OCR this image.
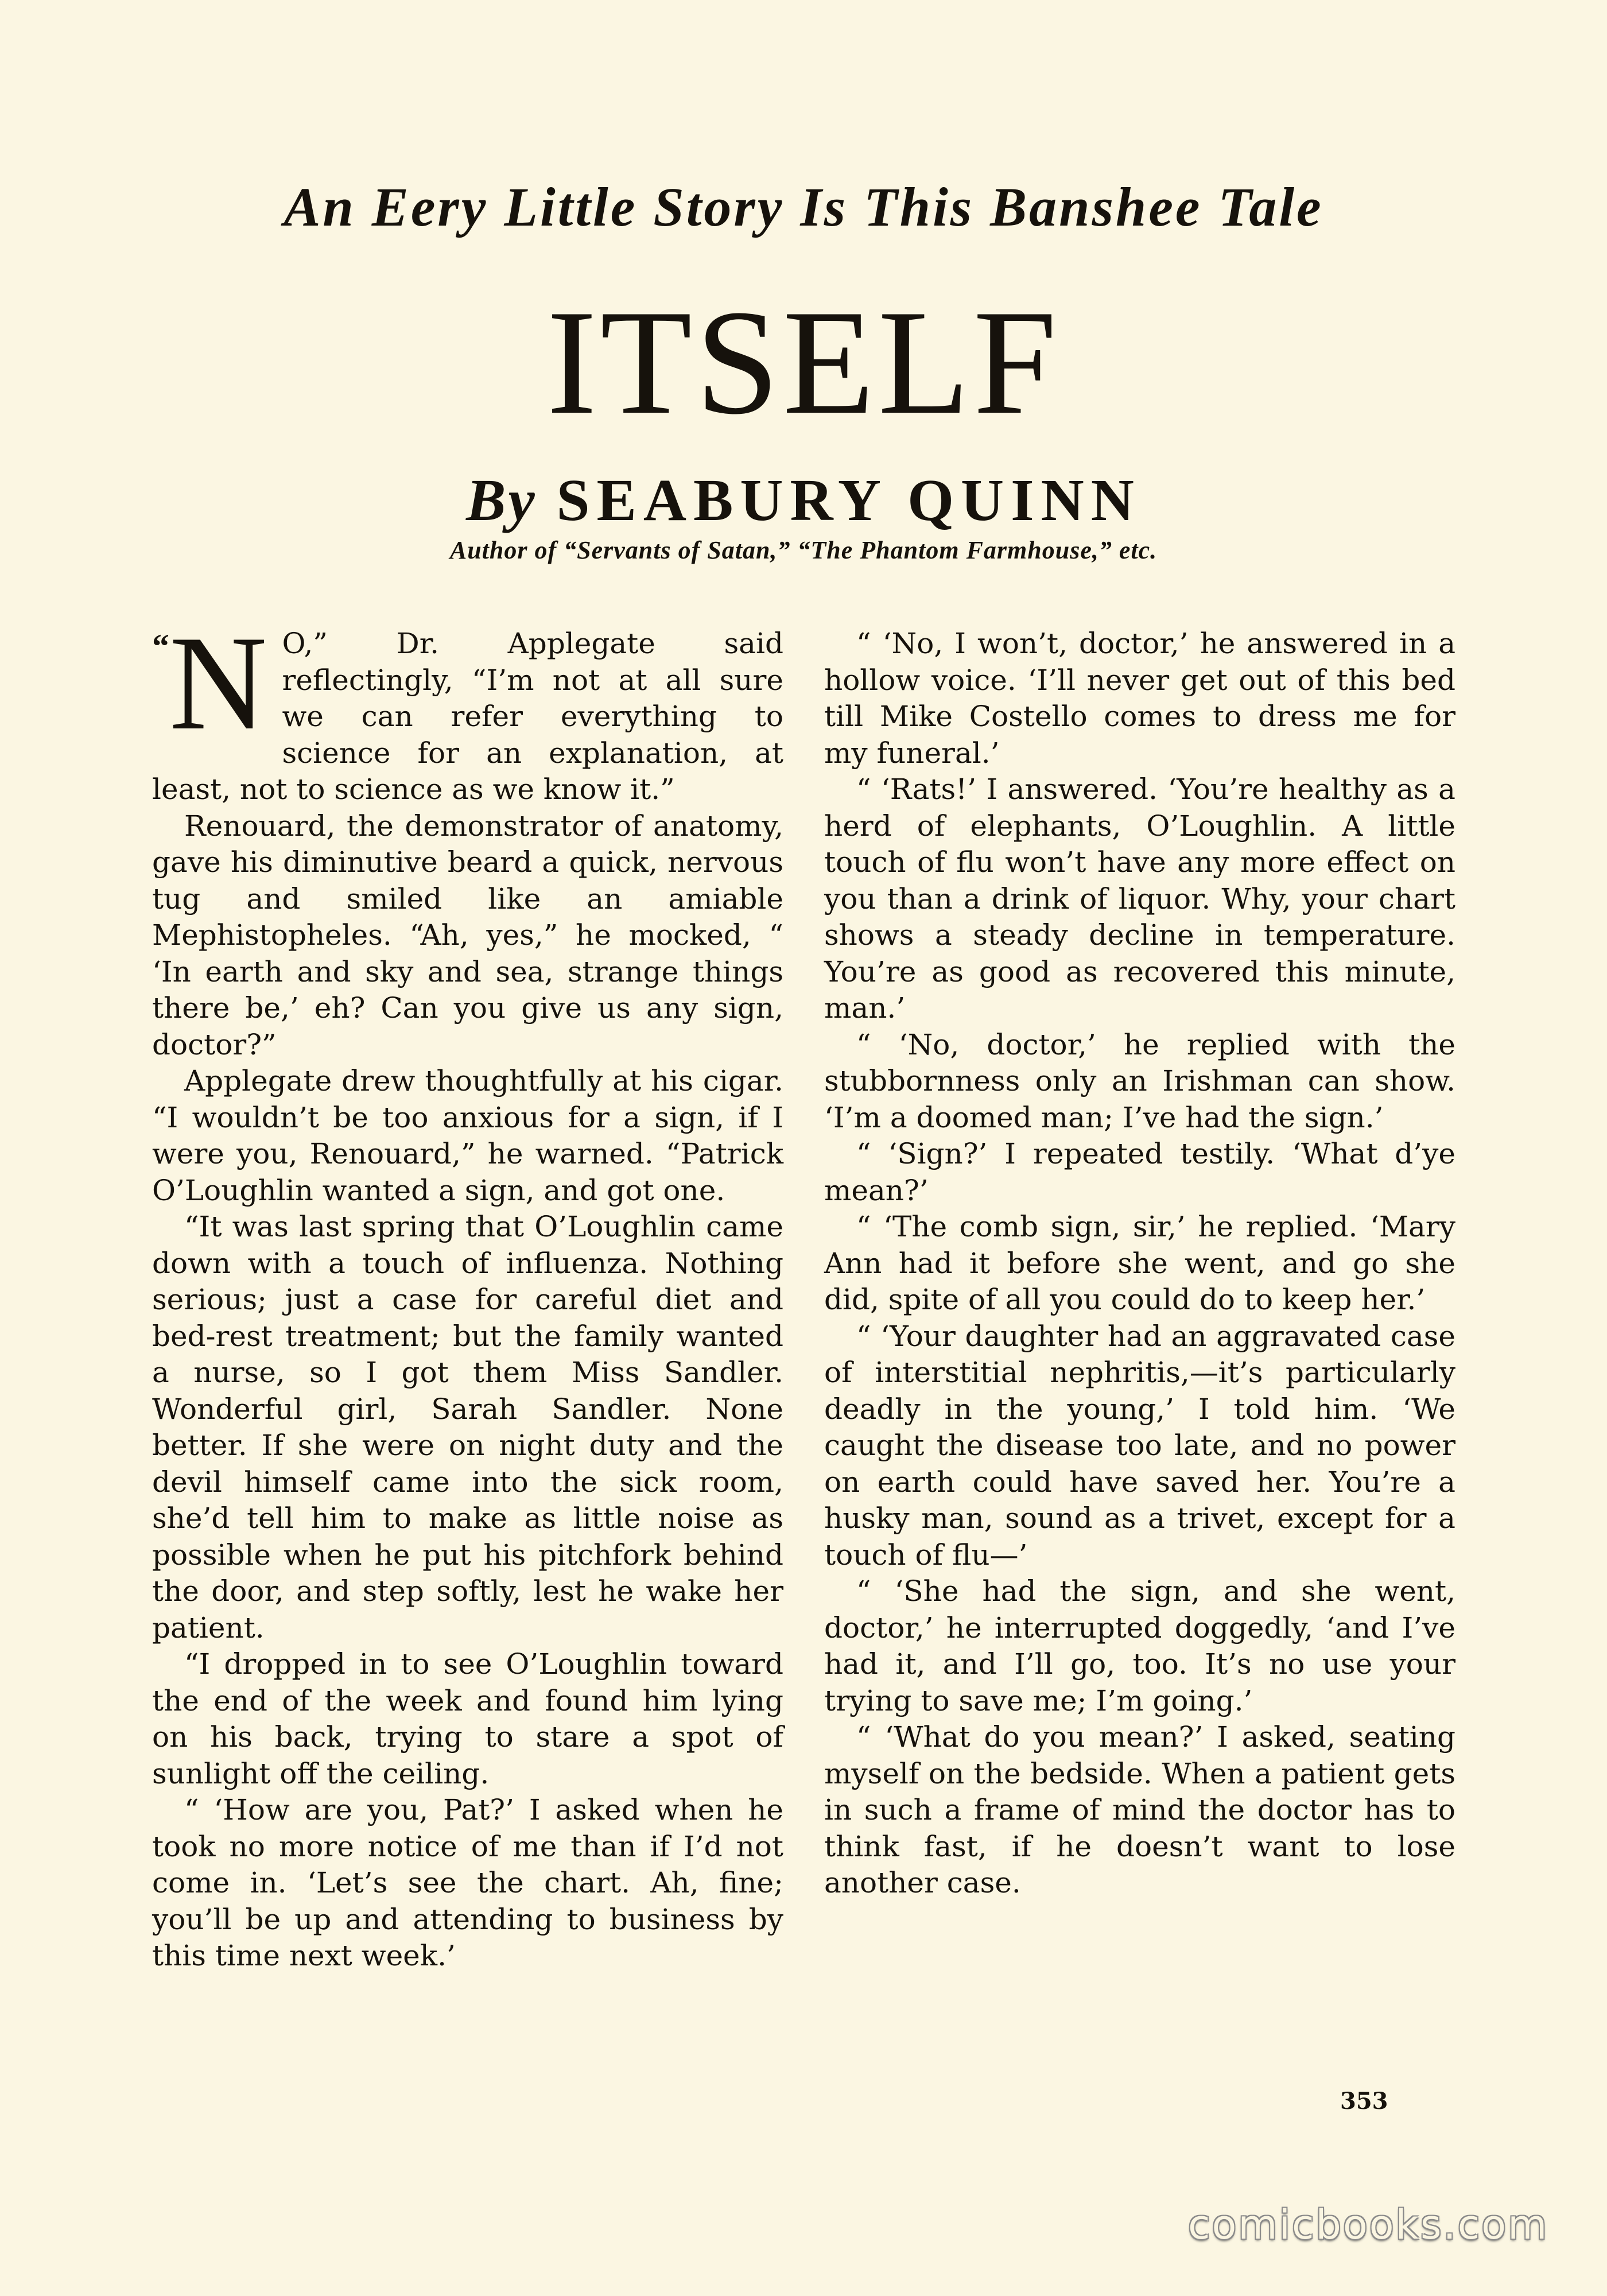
An Eery Little Story Is This Banshee Tale
ITSELF
By SEABURY QUINN
Author of “Servants of Satan,” “The Phantom Farmhouse,” etc.

“N O,” Dr. Applegate said reflectingly, “I’m not at all sure we can refer everything to science for an explanation, at least, not to science as we know it.”

Renouard, the demonstrator of anatomy, gave his diminutive beard a quick, nervous tug and smiled like an amiable Mephistopheles. “Ah, yes,” he mocked, “ ‘In earth and sky and sea, strange things there be,’ eh? Can you give us any sign, doctor?”

Applegate drew thoughtfully at his cigar. “I wouldn’t be too anxious for a sign, if I were you, Renouard,” he warned. “Patrick O’Loughlin wanted a sign, and got one.

“It was last spring that O’Loughlin came down with a touch of influenza. Nothing serious; just a case for careful diet and bed-rest treatment; but the family wanted a nurse, so I got them Miss Sandler. Wonderful girl, Sarah Sandler. None better. If she were on night duty and the devil himself came into the sick room, she’d tell him to make as little noise as possible when he put his pitchfork behind the door, and step softly, lest he wake her patient.

“I dropped in to see O’Loughlin toward the end of the week and found him lying on his back, trying to stare a spot of sunlight off the ceiling.

“ ‘How are you, Pat?’ I asked when he took no more notice of me than if I’d not come in. ‘Let’s see the chart. Ah, fine; you’ll be up and attending to business by this time next week.’

“ ‘No, I won’t, doctor,’ he answered in a hollow voice. ‘I’ll never get out of this bed till Mike Costello comes to dress me for my funeral.’

“ ‘Rats!’ I answered. ‘You’re healthy as a herd of elephants, O’Loughlin. A little touch of flu won’t have any more effect on you than a drink of liquor. Why, your chart shows a steady decline in temperature. You’re as good as recovered this minute, man.’

“ ‘No, doctor,’ he replied with the stubbornness only an Irishman can show. ‘I’m a doomed man; I’ve had the sign.’

“ ‘Sign?’ I repeated testily. ‘What d’ye mean?’

“ ‘The comb sign, sir,’ he replied. ‘Mary Ann had it before she went, and go she did, spite of all you could do to keep her.’

“ ‘Your daughter had an aggravated case of interstitial nephritis,—it’s particularly deadly in the young,’ I told him. ‘We caught the disease too late, and no power on earth could have saved her. You’re a husky man, sound as a trivet, except for a touch of flu—’

“ ‘She had the sign, and she went, doctor,’ he interrupted doggedly, ‘and I’ve had it, and I’ll go, too. It’s no use your trying to save me; I’m going.’

“ ‘What do you mean?’ I asked, seating myself on the bedside. When a patient gets in such a frame of mind the doctor has to think fast, if he doesn’t want to lose another case.

353
comicbooks.com
